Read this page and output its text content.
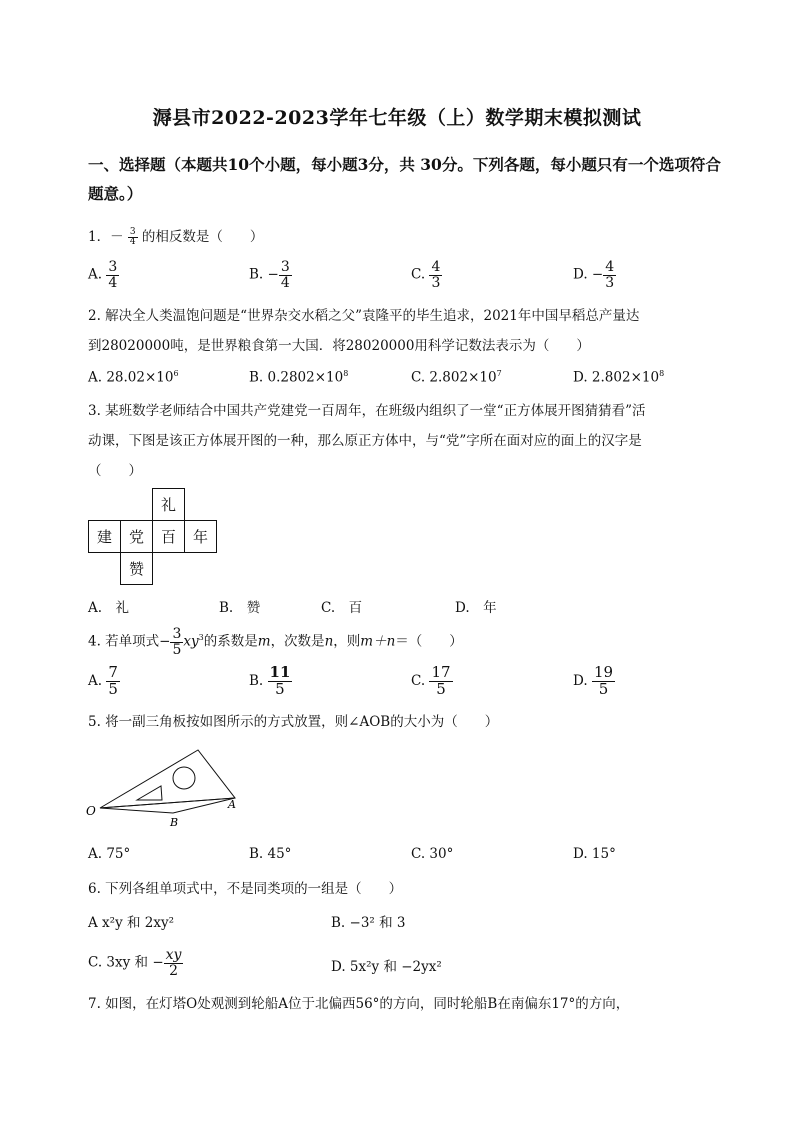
溽县市2022-2023学年七年级（上）数学期末模拟测试
一、选择题（本题共10个小题，每小题3分，共 30分。下列各题，每小题只有一个选项符合题意。）
1．－ $\frac{3}{4}$ 的相反数是（　　）
A. $\frac{3}{4}$	B. − $\frac{3}{4}$	C. $\frac{4}{3}$	D. − $\frac{4}{3}$
2. 解决全人类温饱问题是“世界杂交水稻之父”袁隆平的毕生追求，2021年中国早稻总产量达
到28020000吨，是世界粮食第一大国．将28020000用科学记数法表示为（　　）
A. $28.02\times 10^6$	B. $0.2802\times 10^8$	C. $2.802\times 10^7$	D. $2.802\times 10^8$
3. 某班数学老师结合中国共产党建党一百周年，在班级内组织了一堂“正方体展开图猜猜看”活
动课，下图是该正方体展开图的一种，那么原正方体中，与“党”字所在面对应的面上的汉字是
（　　）
礼
建	党	百	年
赞
A.　礼	B.　赞	C.　百	D.　年
4. 若单项式− $\frac{3}{5} xy^3$的系数是m，次数是n，则m＋n＝（　　）
A. $\frac{7}{5}$	B. $\frac{11}{5}$	C. $\frac{17}{5}$	D. $\frac{19}{5}$
5. 将一副三角板按如图所示的方式放置，则∠AOB的大小为（　　）
O	A
B
A. 75°	B. 45°	C. 30°	D. 15°
6. 下列各组单项式中，不是同类项的一组是（　　）
A x²y 和 2xy²	B. −3² 和 3
C. 3xy 和 − $\frac{xy}{2}$	D. 5x²y 和 −2yx²
7. 如图，在灯塔O处观测到轮船A位于北偏西56°的方向，同时轮船B在南偏东17°的方向，
